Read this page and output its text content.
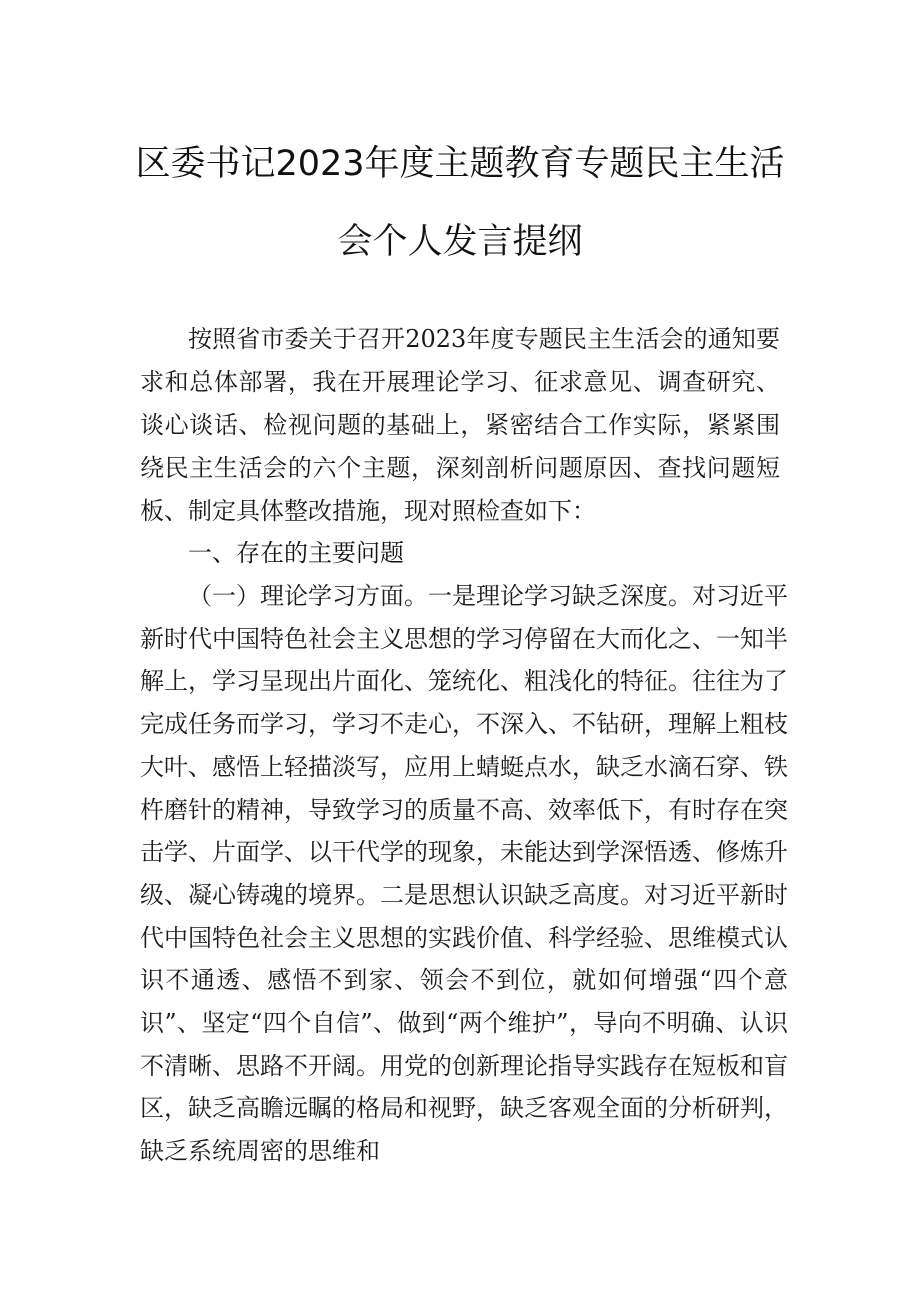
区委书记2023年度主题教育专题民主生活
会个人发言提纲

按照省市委关于召开2023年度专题民主生活会的通知要求和总体部署，我在开展理论学习、征求意见、调查研究、谈心谈话、检视问题的基础上，紧密结合工作实际，紧紧围绕民主生活会的六个主题，深刻剖析问题原因、查找问题短板、制定具体整改措施，现对照检查如下：

一、存在的主要问题

（一）理论学习方面。一是理论学习缺乏深度。对习近平新时代中国特色社会主义思想的学习停留在大而化之、一知半解上，学习呈现出片面化、笼统化、粗浅化的特征。往往为了完成任务而学习，学习不走心，不深入、不钻研，理解上粗枝大叶、感悟上轻描淡写，应用上蜻蜓点水，缺乏水滴石穿、铁杵磨针的精神，导致学习的质量不高、效率低下，有时存在突击学、片面学、以干代学的现象，未能达到学深悟透、修炼升级、凝心铸魂的境界。二是思想认识缺乏高度。对习近平新时代中国特色社会主义思想的实践价值、科学经验、思维模式认识不通透、感悟不到家、领会不到位，就如何增强“四个意识”、坚定“四个自信”、做到“两个维护”，导向不明确、认识不清晰、思路不开阔。用党的创新理论指导实践存在短板和盲区，缺乏高瞻远瞩的格局和视野，缺乏客观全面的分析研判，缺乏系统周密的思维和
